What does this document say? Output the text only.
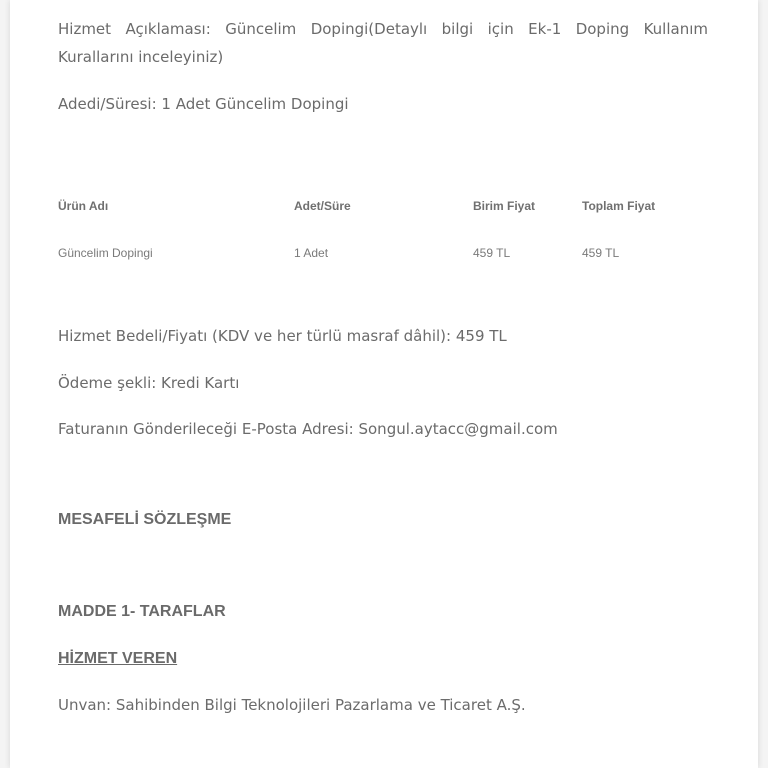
Hizmet Açıklaması: Güncelim Dopingi(Detaylı bilgi için Ek-1 Doping Kullanım
Kurallarını inceleyiniz)
Adedi/Süresi: 1 Adet Güncelim Dopingi
Ürün Adı	Adet/Süre	Birim Fiyat	Toplam Fiyat
Güncelim Dopingi	1 Adet	459 TL	459 TL
Hizmet Bedeli/Fiyatı (KDV ve her türlü masraf dâhil): 459 TL
Ödeme şekli: Kredi Kartı
Faturanın Gönderileceği E-Posta Adresi: Songul.aytacc@gmail.com
MESAFELİ SÖZLEŞME
MADDE 1- TARAFLAR
HİZMET VEREN
Unvan: Sahibinden Bilgi Teknolojileri Pazarlama ve Ticaret A.Ş.
